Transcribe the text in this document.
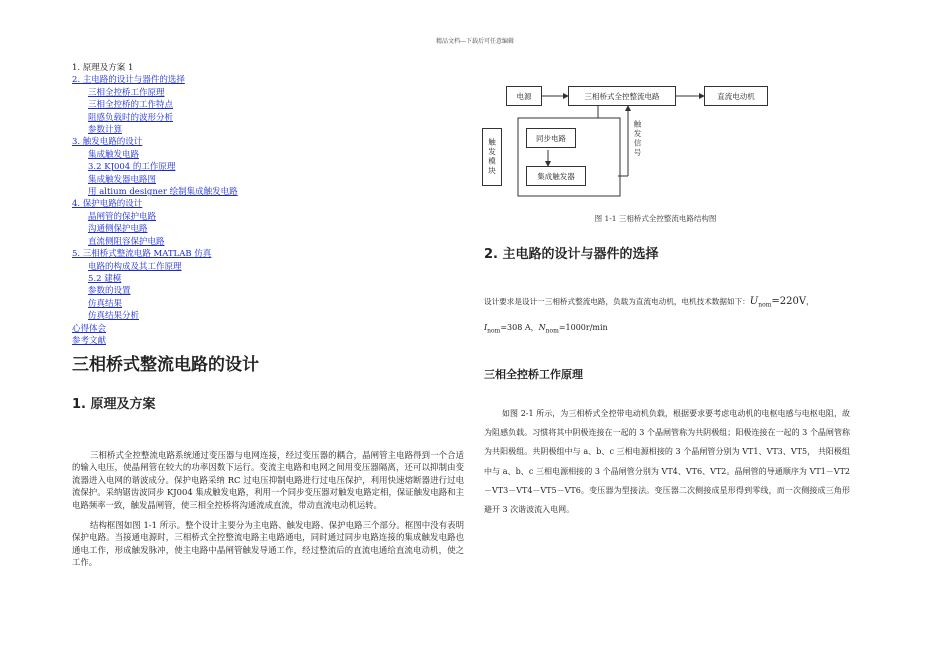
精品文档---下载后可任意编辑
1. 原理及方案 1
2. 主电路的设计与器件的选择
三相全控桥工作原理
三相全控桥的工作特点
阻感负载时的波形分析
参数计算
3. 触发电路的设计
集成触发电路
3.2 KJ004 的工作原理
集成触发器电路图
用 altium designer 绘制集成触发电路
4. 保护电路的设计
晶闸管的保护电路
沟通侧保护电路
直流侧阻容保护电路
5. 三相桥式整流电路 MATLAB 仿真
电路的构成及其工作原理
5.2 建模
参数的设置
仿真结果
仿真结果分析
心得体会
参考文献
三相桥式整流电路的设计
1. 原理及方案

三相桥式全控整流电路系统通过变压器与电网连接，经过变压器的耦合，晶闸管主电路得到一个合适的输入电压，使晶闸管在较大的功率因数下运行。变流主电路和电网之间用变压器隔离，还可以抑制由变流器进入电网的谐波成分。保护电路采纳 RC 过电压抑制电路进行过电压保护，利用快速熔断器进行过电流保护。采纳锯齿波同步 KJ004 集成触发电路，利用一个同步变压器对触发电路定相，保证触发电路和主电路频率一致，触发晶闸管，使三相全控桥将沟通流成直流，带动直流电动机运转。

结构框图如图 1-1 所示。整个设计主要分为主电路、触发电路、保护电路三个部分。框图中没有表明保护电路。当接通电源时，三相桥式全控整流电路主电路通电，同时通过同步电路连接的集成触发电路也通电工作，形成触发脉冲，使主电路中晶闸管触发导通工作，经过整流后的直流电通给直流电动机，使之工作。

电源	三相桥式全控整流电路	直流电动机
触发模块	同步电路
集成触发器
触发信号
图 1-1 三相桥式全控整流电路结构图
2. 主电路的设计与器件的选择
设计要求是设计一三相桥式整流电路，负载为直流电动机，电机技术数据如下：$U_{nom}=220V$，
$I_{nom}=308$ A，$N_{nom}=1000r/\min$
三相全控桥工作原理

如图 2-1 所示，为三相桥式全控带电动机负载，根据要求要考虑电动机的电枢电感与电枢电阻，故为阻感负载。习惯将其中阴极连接在一起的 3 个晶闸管称为共阴极组；阳极连接在一起的 3 个晶闸管称为共阳极组。共阴极组中与 a、b、c 三相电源相接的 3 个晶闸管分别为 VT1、VT3、VT5， 共阳极组中与 a、b、c 三相电源相接的 3 个晶闸管分别为 VT4、VT6、VT2。晶闸管的导通顺序为 VT1－VT2－VT3－VT4－VT5－VT6。变压器为型接法。变压器二次侧接成星形得到零线，而一次侧接成三角形避开 3 次谐波流入电网。
